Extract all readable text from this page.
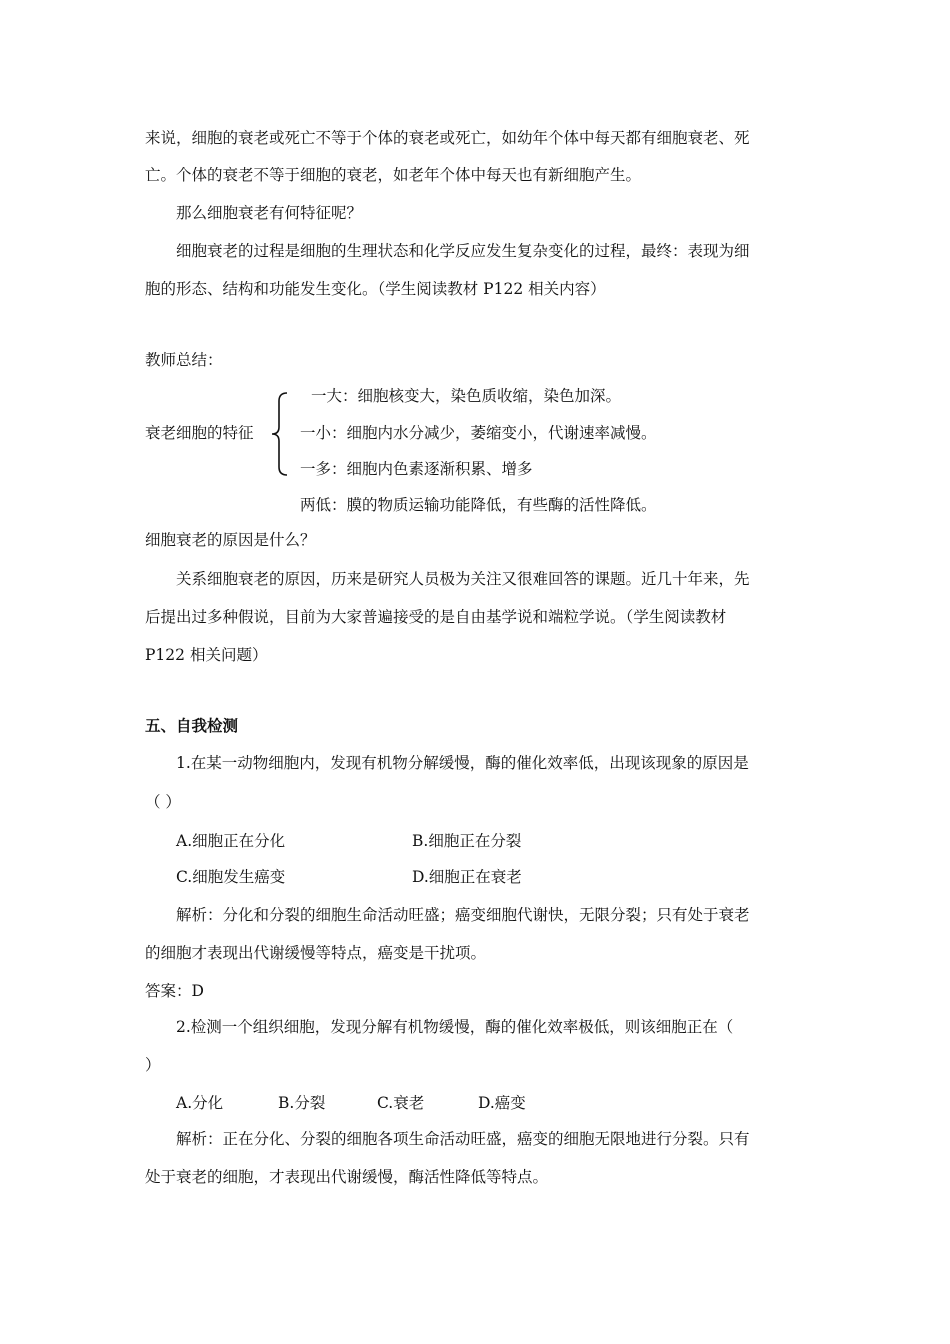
来说，细胞的衰老或死亡不等于个体的衰老或死亡，如幼年个体中每天都有细胞衰老、死
亡。个体的衰老不等于细胞的衰老，如老年个体中每天也有新细胞产生。
那么细胞衰老有何特征呢？
细胞衰老的过程是细胞的生理状态和化学反应发生复杂变化的过程，最终：表现为细
胞的形态、结构和功能发生变化。（学生阅读教材 P122 相关内容）
教师总结：
衰老细胞的特征
一大：细胞核变大，染色质收缩，染色加深。
一小：细胞内水分减少，萎缩变小，代谢速率减慢。
一多：细胞内色素逐渐积累、增多
两低：膜的物质运输功能降低，有些酶的活性降低。
细胞衰老的原因是什么？
关系细胞衰老的原因，历来是研究人员极为关注又很难回答的课题。近几十年来，先
后提出过多种假说，目前为大家普遍接受的是自由基学说和端粒学说。（学生阅读教材
P122 相关问题）
五、自我检测
1.在某一动物细胞内，发现有机物分解缓慢，酶的催化效率低，出现该现象的原因是
（ ）
A.细胞正在分化	B.细胞正在分裂
C.细胞发生癌变	D.细胞正在衰老
解析：分化和分裂的细胞生命活动旺盛；癌变细胞代谢快，无限分裂；只有处于衰老
的细胞才表现出代谢缓慢等特点，癌变是干扰项。
答案：D
2.检测一个组织细胞，发现分解有机物缓慢，酶的催化效率极低，则该细胞正在（
）
A.分化	B.分裂	C.衰老	D.癌变
解析：正在分化、分裂的细胞各项生命活动旺盛，癌变的细胞无限地进行分裂。只有
处于衰老的细胞，才表现出代谢缓慢，酶活性降低等特点。
